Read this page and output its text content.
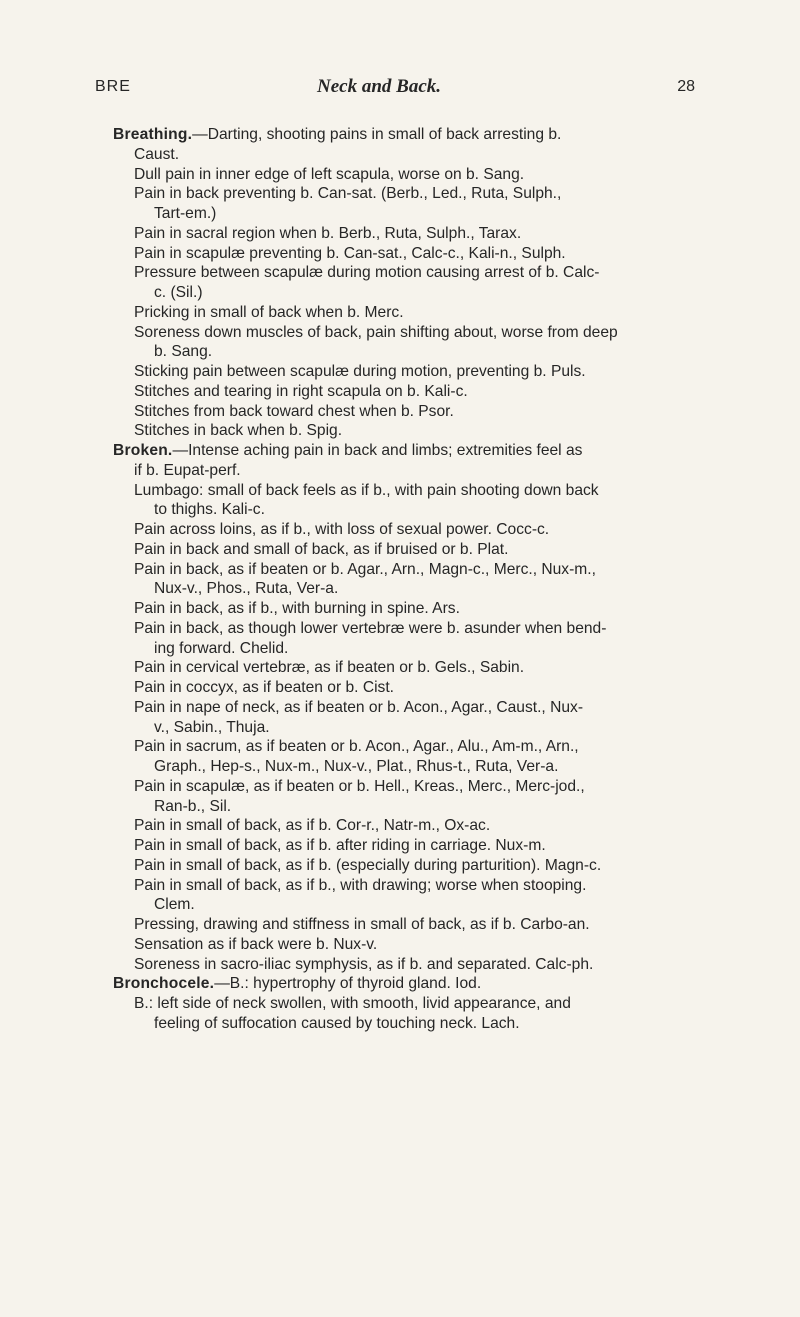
BRE	Neck and Back.	28
Breathing.—Darting, shooting pains in small of back arresting b.
Caust.
Dull pain in inner edge of left scapula, worse on b. Sang.
Pain in back preventing b. Can-sat. (Berb., Led., Ruta, Sulph.,
Tart-em.)
Pain in sacral region when b. Berb., Ruta, Sulph., Tarax.
Pain in scapulæ preventing b. Can-sat., Calc-c., Kali-n., Sulph.
Pressure between scapulæ during motion causing arrest of b. Calc-
c. (Sil.)
Pricking in small of back when b. Merc.
Soreness down muscles of back, pain shifting about, worse from deep
b. Sang.
Sticking pain between scapulæ during motion, preventing b. Puls.
Stitches and tearing in right scapula on b. Kali-c.
Stitches from back toward chest when b. Psor.
Stitches in back when b. Spig.
Broken.—Intense aching pain in back and limbs; extremities feel as
if b. Eupat-perf.
Lumbago: small of back feels as if b., with pain shooting down back
to thighs. Kali-c.
Pain across loins, as if b., with loss of sexual power. Cocc-c.
Pain in back and small of back, as if bruised or b. Plat.
Pain in back, as if beaten or b. Agar., Arn., Magn-c., Merc., Nux-m.,
Nux-v., Phos., Ruta, Ver-a.
Pain in back, as if b., with burning in spine. Ars.
Pain in back, as though lower vertebræ were b. asunder when bend-
ing forward. Chelid.
Pain in cervical vertebræ, as if beaten or b. Gels., Sabin.
Pain in coccyx, as if beaten or b. Cist.
Pain in nape of neck, as if beaten or b. Acon., Agar., Caust., Nux-
v., Sabin., Thuja.
Pain in sacrum, as if beaten or b. Acon., Agar., Alu., Am-m., Arn.,
Graph., Hep-s., Nux-m., Nux-v., Plat., Rhus-t., Ruta, Ver-a.
Pain in scapulæ, as if beaten or b. Hell., Kreas., Merc., Merc-jod.,
Ran-b., Sil.
Pain in small of back, as if b. Cor-r., Natr-m., Ox-ac.
Pain in small of back, as if b. after riding in carriage. Nux-m.
Pain in small of back, as if b. (especially during parturition). Magn-c.
Pain in small of back, as if b., with drawing; worse when stooping.
Clem.
Pressing, drawing and stiffness in small of back, as if b. Carbo-an.
Sensation as if back were b. Nux-v.
Soreness in sacro-iliac symphysis, as if b. and separated. Calc-ph.
Bronchocele.—B.: hypertrophy of thyroid gland. Iod.
B.: left side of neck swollen, with smooth, livid appearance, and
feeling of suffocation caused by touching neck. Lach.
